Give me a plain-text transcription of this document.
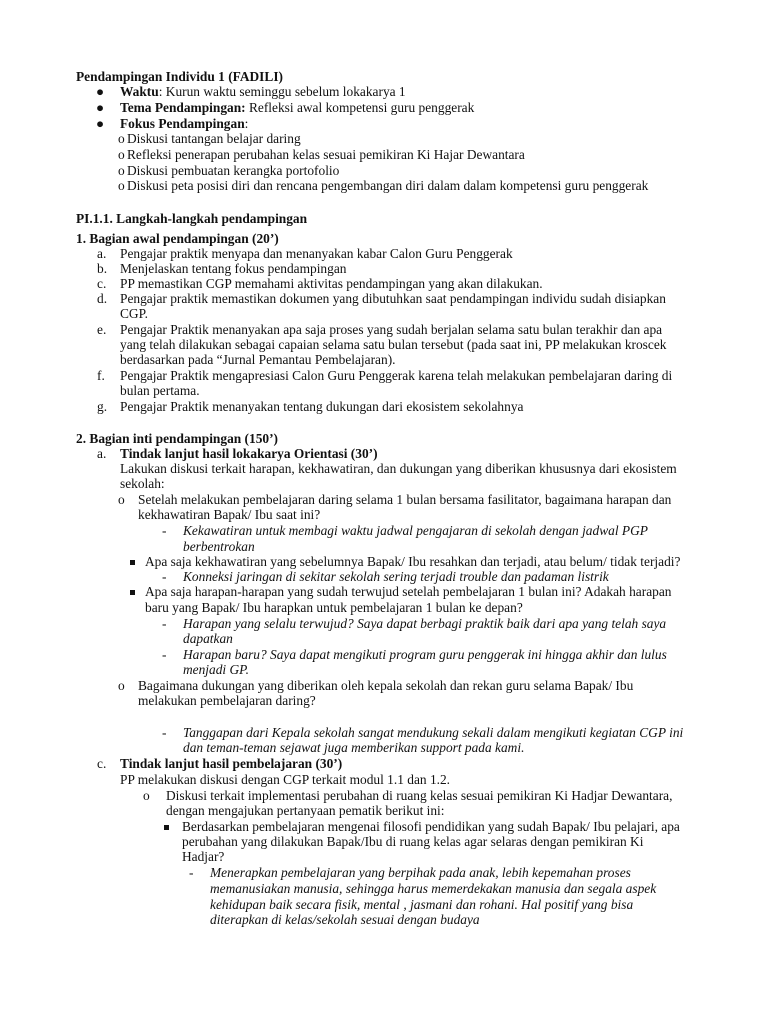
Pendampingan Individu 1 (FADILI)
● Waktu: Kurun waktu seminggu sebelum lokakarya 1
● Tema Pendampingan: Refleksi awal kompetensi guru penggerak
● Fokus Pendampingan:
o Diskusi tantangan belajar daring
o Refleksi penerapan perubahan kelas sesuai pemikiran Ki Hajar Dewantara
o Diskusi pembuatan kerangka portofolio
o Diskusi peta posisi diri dan rencana pengembangan diri dalam dalam kompetensi guru penggerak
PI.1.1. Langkah-langkah pendampingan
1. Bagian awal pendampingan (20’)
a. Pengajar praktik menyapa dan menanyakan kabar Calon Guru Penggerak
b. Menjelaskan tentang fokus pendampingan
c. PP memastikan CGP memahami aktivitas pendampingan yang akan dilakukan.
d. Pengajar praktik memastikan dokumen yang dibutuhkan saat pendampingan individu sudah disiapkan
CGP.
e. Pengajar Praktik menanyakan apa saja proses yang sudah berjalan selama satu bulan terakhir dan apa
yang telah dilakukan sebagai capaian selama satu bulan tersebut (pada saat ini, PP melakukan kroscek
berdasarkan pada “Jurnal Pemantau Pembelajaran).
f. Pengajar Praktik mengapresiasi Calon Guru Penggerak karena telah melakukan pembelajaran daring di
bulan pertama.
g. Pengajar Praktik menanyakan tentang dukungan dari ekosistem sekolahnya
2. Bagian inti pendampingan (150’)
a. Tindak lanjut hasil lokakarya Orientasi (30’)
Lakukan diskusi terkait harapan, kekhawatiran, dan dukungan yang diberikan khususnya dari ekosistem
sekolah:
o Setelah melakukan pembelajaran daring selama 1 bulan bersama fasilitator, bagaimana harapan dan
kekhawatiran Bapak/ Ibu saat ini?
- Kekawatiran untuk membagi waktu jadwal pengajaran di sekolah dengan jadwal PGP
berbentrokan
Apa saja kekhawatiran yang sebelumnya Bapak/ Ibu resahkan dan terjadi, atau belum/ tidak terjadi?
- Konneksi jaringan di sekitar sekolah sering terjadi trouble dan padaman listrik
Apa saja harapan-harapan yang sudah terwujud setelah pembelajaran 1 bulan ini? Adakah harapan
baru yang Bapak/ Ibu harapkan untuk pembelajaran 1 bulan ke depan?
- Harapan yang selalu terwujud? Saya dapat berbagi praktik baik dari apa yang telah saya
dapatkan
- Harapan baru? Saya dapat mengikuti program guru penggerak ini hingga akhir dan lulus
menjadi GP.
o Bagaimana dukungan yang diberikan oleh kepala sekolah dan rekan guru selama Bapak/ Ibu
melakukan pembelajaran daring?
- Tanggapan dari Kepala sekolah sangat mendukung sekali dalam mengikuti kegiatan CGP ini
dan teman-teman sejawat juga memberikan support pada kami.
c. Tindak lanjut hasil pembelajaran (30’)
PP melakukan diskusi dengan CGP terkait modul 1.1 dan 1.2.
o Diskusi terkait implementasi perubahan di ruang kelas sesuai pemikiran Ki Hadjar Dewantara,
dengan mengajukan pertanyaan pematik berikut ini:
Berdasarkan pembelajaran mengenai filosofi pendidikan yang sudah Bapak/ Ibu pelajari, apa
perubahan yang dilakukan Bapak/Ibu di ruang kelas agar selaras dengan pemikiran Ki
Hadjar?
- Menerapkan pembelajaran yang berpihak pada anak, lebih kepemahan proses
memanusiakan manusia, sehingga harus memerdekakan manusia dan segala aspek
kehidupan baik secara fisik, mental , jasmani dan rohani. Hal positif yang bisa
diterapkan di kelas/sekolah sesuai dengan budaya
